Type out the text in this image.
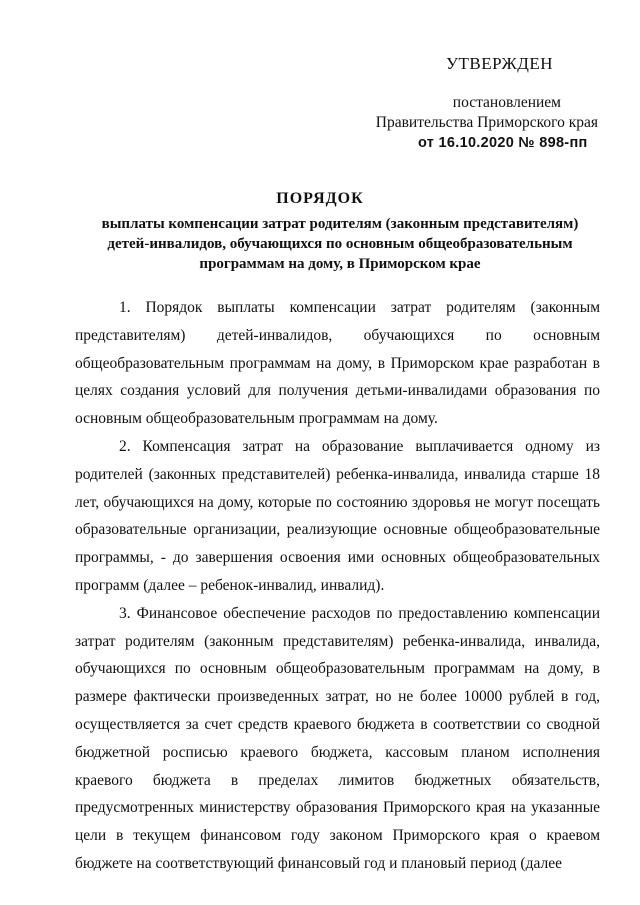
УТВЕРЖДЕН
постановлением
Правительства Приморского края
от 16.10.2020 № 898-пп
ПОРЯДОК
выплаты компенсации затрат родителям (законным представителям)
детей-инвалидов, обучающихся по основным общеобразовательным
программам на дому, в Приморском крае

1. Порядок выплаты компенсации затрат родителям (законным представителям) детей-инвалидов, обучающихся по основным общеобразовательным программам на дому, в Приморском крае разработан в целях создания условий для получения детьми-инвалидами образования по основным общеобразовательным программам на дому.

2. Компенсация затрат на образование выплачивается одному из родителей (законных представителей) ребенка-инвалида, инвалида старше 18 лет, обучающихся на дому, которые по состоянию здоровья не могут посещать образовательные организации, реализующие основные общеобразовательные программы, - до завершения освоения ими основных общеобразовательных программ (далее – ребенок-инвалид, инвалид).

3. Финансовое обеспечение расходов по предоставлению компенсации затрат родителям (законным представителям) ребенка-инвалида, инвалида, обучающихся по основным общеобразовательным программам на дому, в размере фактически произведенных затрат, но не более 10000 рублей в год, осуществляется за счет средств краевого бюджета в соответствии со сводной бюджетной росписью краевого бюджета, кассовым планом исполнения краевого бюджета в пределах лимитов бюджетных обязательств, предусмотренных министерству образования Приморского края на указанные цели в текущем финансовом году законом Приморского края о краевом бюджете на соответствующий финансовый год и плановый период (далее
